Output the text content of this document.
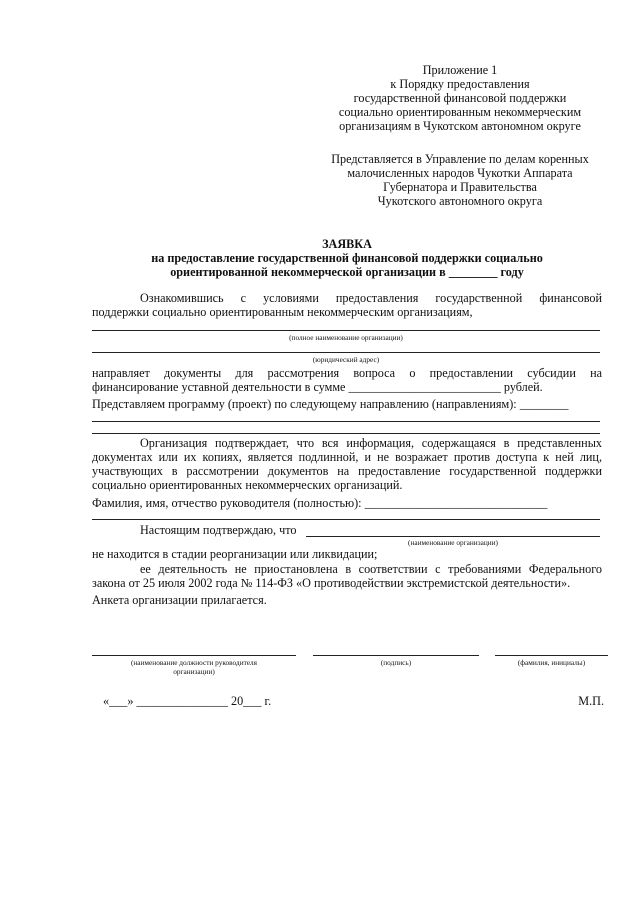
Приложение 1
к Порядку предоставления
государственной финансовой поддержки
социально ориентированным некоммерческим
организациям в Чукотском автономном округе
Представляется в Управление по делам коренных
малочисленных народов Чукотки Аппарата
Губернатора и Правительства
Чукотского автономного округа
ЗАЯВКА
на предоставление государственной финансовой поддержки социально
ориентированной некоммерческой организации в ________ году
Ознакомившись с условиями предоставления государственной финансовой
поддержки социально ориентированным некоммерческим организациям,
(полное наименование организации)
(юридический адрес)
направляет документы для рассмотрения вопроса о предоставлении субсидии на
финансирование уставной деятельности в сумме _________________________ рублей.
Представляем программу (проект) по следующему направлению (направлениям): ________
Организация подтверждает, что вся информация, содержащаяся в представленных
документах или их копиях, является подлинной, и не возражает против доступа к ней лиц,
участвующих в рассмотрении документов на предоставление государственной поддержки
социально ориентированных некоммерческих организаций.
Фамилия, имя, отчество руководителя (полностью): ______________________________
Настоящим подтверждаю, что
(наименование организации)
не находится в стадии реорганизации или ликвидации;
ее деятельность не приостановлена в соответствии с требованиями Федерального
закона от 25 июля 2002 года № 114-ФЗ «О противодействии экстремистской деятельности».
Анкета организации прилагается.
(наименование должности руководителя
организации)
(подпись)	(фамилия, инициалы)
«___» _______________ 20___ г.	М.П.
